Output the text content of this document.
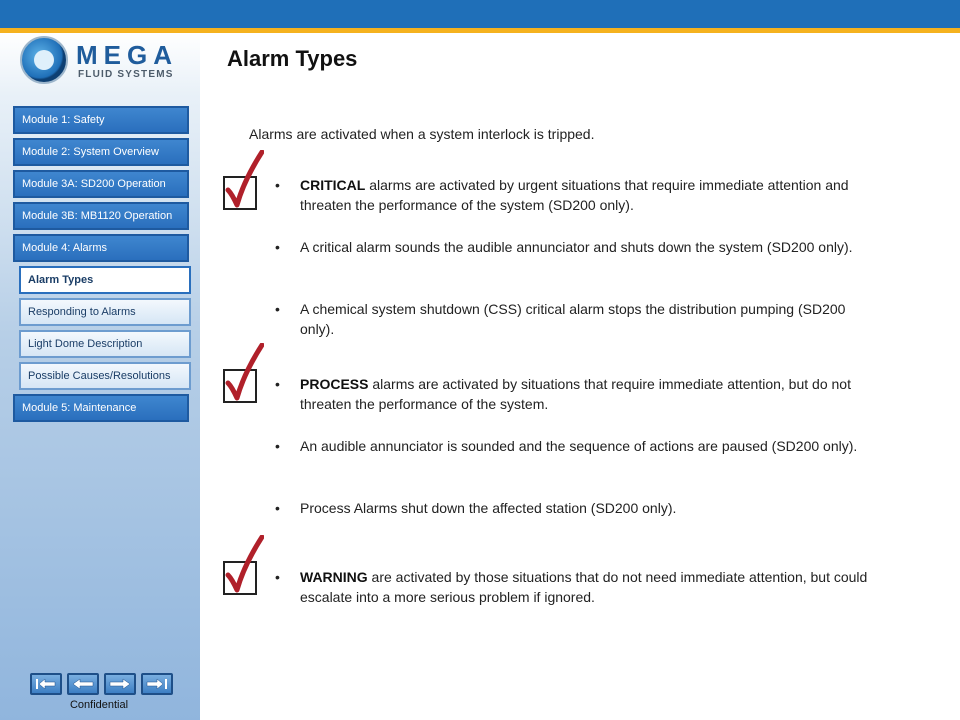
MEGA
FLUID SYSTEMS
Module 1: Safety
Module 2: System Overview
Module 3A: SD200 Operation
Module 3B: MB1120 Operation
Module 4: Alarms
Alarm Types
Responding to Alarms
Light Dome Description
Possible Causes/Resolutions
Module 5: Maintenance
Confidential
Alarm Types
Alarms are activated when a system interlock is tripped.
• CRITICAL alarms are activated by urgent situations that require immediate attention and threaten the performance of the system (SD200 only).
• A critical alarm sounds the audible annunciator and shuts down the system (SD200 only).
• A chemical system shutdown (CSS) critical alarm stops the distribution pumping (SD200 only).
• PROCESS alarms are activated by situations that require immediate attention, but do not threaten the performance of the system.
• An audible annunciator is sounded and the sequence of actions are paused (SD200 only).
• Process Alarms shut down the affected station (SD200 only).
• WARNING are activated by those situations that do not need immediate attention, but could escalate into a more serious problem if ignored.
